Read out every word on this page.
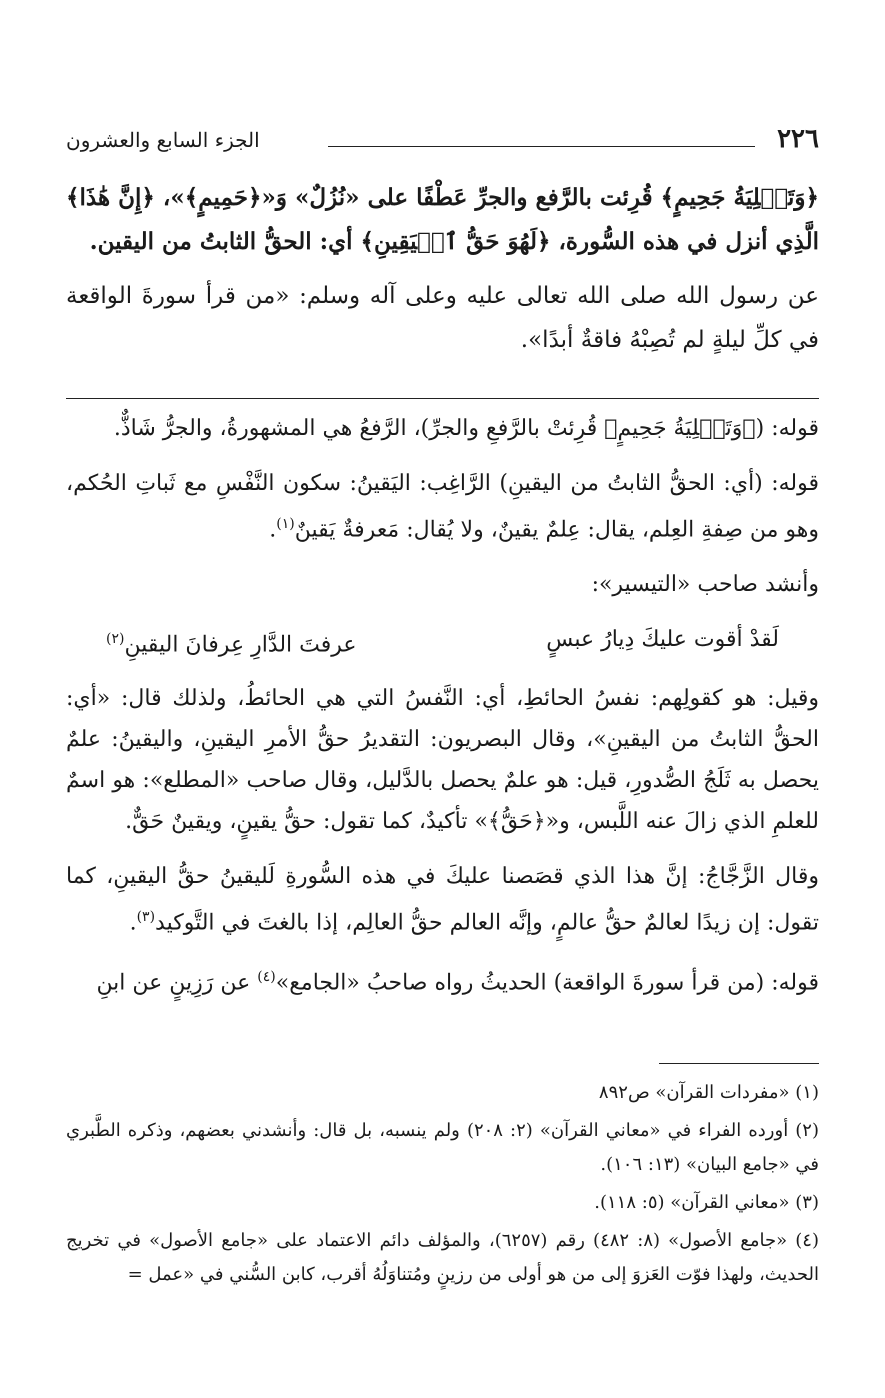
٢٢٦
الجزء السابع والعشرون

﴿وَتَصۡلِيَةُ جَحِيمٍ﴾ قُرِئت بالرَّفع والجرِّ عَطْفًا على «نُزُلٌ» وَ«﴿حَمِيمٍ﴾»، ﴿إِنَّ هَٰذَا﴾ الَّذِي أنزل في هذه السُّورة، ﴿لَهُوَ حَقُّ ٱلۡيَقِينِ﴾ أي: الحقُّ الثابتُ من اليقين.

عن رسول الله صلى الله تعالى عليه وعلى آله وسلم: «من قرأ سورةَ الواقعة في كلِّ ليلةٍ لم تُصِبْهُ فاقةٌ أبدًا».

قوله: (﴿وَتَصۡلِيَةُ جَحِيمٍ﴾ قُرِئتْ بالرَّفعِ والجرِّ)، الرَّفعُ هي المشهورةُ، والجرُّ شَاذٌّ.

قوله: (أي: الحقُّ الثابتُ من اليقينِ) الرَّاغِب: اليَقينُ: سكون النَّفْسِ مع ثَباتِ الحُكم، وهو من صِفةِ العِلم، يقال: عِلمٌ يقينٌ، ولا يُقال: مَعرفةٌ يَقينٌ$^{(١)}$.

وأنشد صاحب «التيسير»:

لَقدْ أقوت عليكَ دِيارُ عبسٍ
عرفتَ الدَّارِ عِرفانَ اليقينِ$^{(٢)}$

وقيل: هو كقولِهم: نفسُ الحائطِ، أي: النَّفسُ التي هي الحائطُ، ولذلك قال: «أي: الحقُّ الثابتُ من اليقينِ»، وقال البصريون: التقديرُ حقُّ الأمرِ اليقينِ، واليقينُ: علمٌ يحصل به ثَلَجُ الصُّدورِ، قيل: هو علمٌ يحصل بالدَّليل، وقال صاحب «المطلع»: هو اسمٌ للعلمِ الذي زالَ عنه اللَّبس، و«﴿حَقُّ﴾» تأكيدٌ، كما تقول: حقُّ يقينٍ، ويقينٌ حَقٌّ.

وقال الزَّجَّاجُ: إنَّ هذا الذي قصَصنا عليكَ في هذه السُّورةِ لَليقينُ حقُّ اليقينِ، كما تقول: إن زيدًا لعالمٌ حقُّ عالمٍ، وإنَّه العالم حقُّ العالِم، إذا بالغتَ في التَّوكيد$^{(٣)}$.

قوله: (من قرأ سورةَ الواقعة) الحديثُ رواه صاحبُ «الجامع»$^{(٤)}$ عن رَزِينٍ عن ابنِ

(١) «مفردات القرآن» ص٨٩٢

(٢) أورده الفراء في «معاني القرآن» (٢: ٢٠٨) ولم ينسبه، بل قال: وأنشدني بعضهم، وذكره الطَّبري في «جامع البيان» (١٣: ١٠٦).

(٣) «معاني القرآن» (٥: ١١٨).

(٤) «جامع الأصول» (٨: ٤٨٢) رقم (٦٢٥٧)، والمؤلف دائم الاعتماد على «جامع الأصول» في تخريج الحديث، ولهذا فوّت العَزوَ إلى من هو أولى من رزينٍ ومُتناوَلُهُ أقرب، كابن السُّني في «عمل =
